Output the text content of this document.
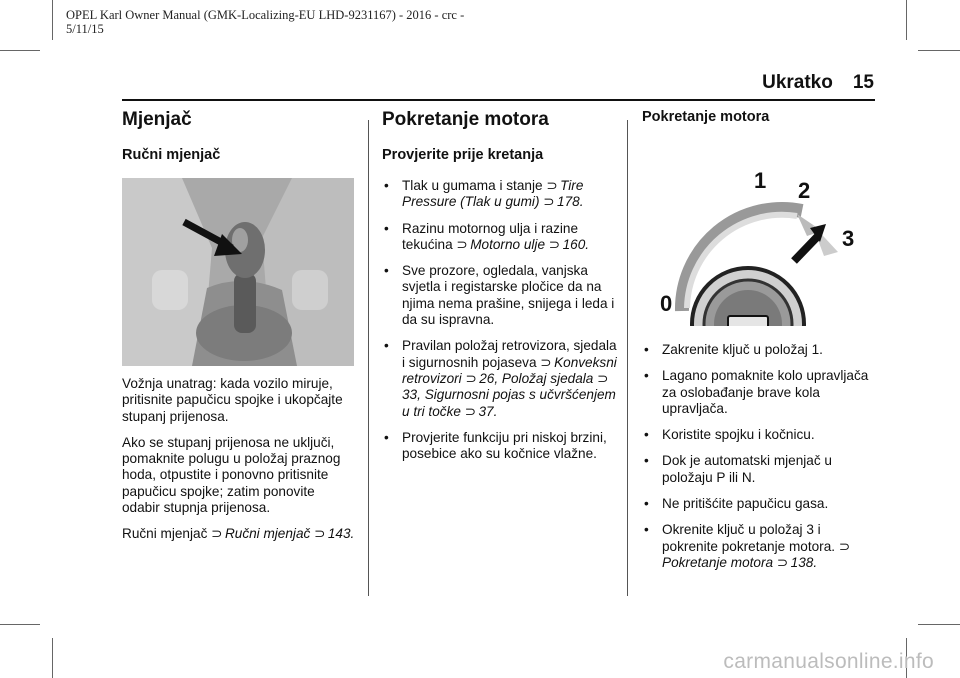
OPEL Karl Owner Manual (GMK-Localizing-EU LHD-9231167) - 2016 - crc -
5/11/15
Ukratko 15
Mjenjač
Ručni mjenjač

Vožnja unatrag: kada vozilo miruje, pritisnite papučicu spojke i ukopčajte stupanj prijenosa.

Ako se stupanj prijenosa ne uključi, pomaknite polugu u položaj praznog hoda, otpustite i ponovno pritisnite papučicu spojke; zatim ponovite odabir stupnja prijenosa.

Ručni mjenjač ⊃ Ručni mjenjač ⊃ 143.

Pokretanje motora
Provjerite prije kretanja
• Tlak u gumama i stanje ⊃ Tire Pressure (Tlak u gumi) ⊃ 178.
• Razinu motornog ulja i razine tekućina ⊃ Motorno ulje ⊃ 160.
• Sve prozore, ogledala, vanjska svjetla i registarske pločice da na njima nema prašine, snijega i leda i da su ispravna.
• Pravilan položaj retrovizora, sjedala i sigurnosnih pojaseva ⊃ Konveksni retrovizori ⊃ 26, Položaj sjedala ⊃ 33, Sigurnosni pojas s učvršćenjem u tri točke ⊃ 37.
• Provjerite funkciju pri niskoj brzini, posebice ako su kočnice vlažne.
Pokretanje motora
0
1 2
3
• Zakrenite ključ u položaj 1.
• Lagano pomaknite kolo upravljača za oslobađanje brave kola upravljača.
• Koristite spojku i kočnicu.
• Dok je automatski mjenjač u položaju P ili N.
• Ne pritišćite papučicu gasa.
• Okrenite ključ u položaj 3 i pokrenite pokretanje motora. ⊃ Pokretanje motora ⊃ 138.
carmanualsonline.info
